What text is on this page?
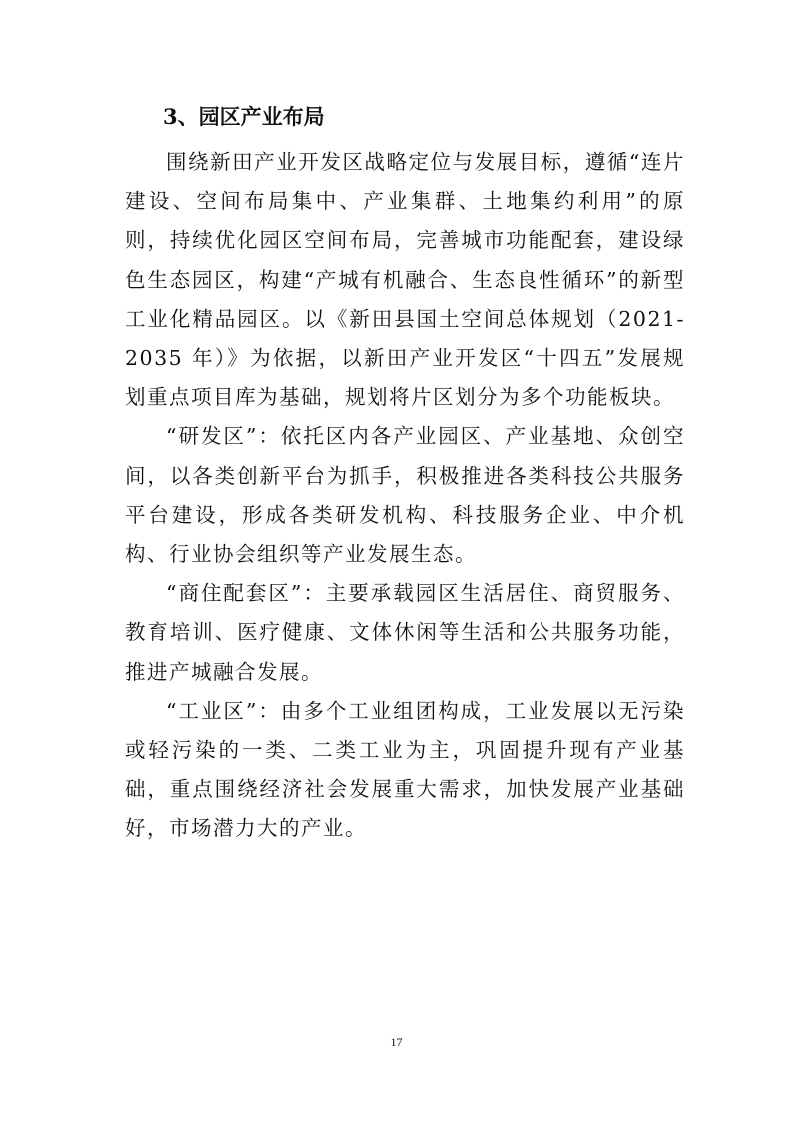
3、园区产业布局

围绕新田产业开发区战略定位与发展目标，遵循“连片建设、空间布局集中、产业集群、土地集约利用”的原则，持续优化园区空间布局，完善城市功能配套，建设绿色生态园区，构建“产城有机融合、生态良性循环”的新型工业化精品园区。以《新田县国土空间总体规划（2021-2035 年）》为依据，以新田产业开发区“十四五”发展规划重点项目库为基础，规划将片区划分为多个功能板块。

“研发区”：依托区内各产业园区、产业基地、众创空间，以各类创新平台为抓手，积极推进各类科技公共服务平台建设，形成各类研发机构、科技服务企业、中介机构、行业协会组织等产业发展生态。

“商住配套区”：主要承载园区生活居住、商贸服务、教育培训、医疗健康、文体休闲等生活和公共服务功能，推进产城融合发展。

“工业区”：由多个工业组团构成，工业发展以无污染或轻污染的一类、二类工业为主，巩固提升现有产业基础，重点围绕经济社会发展重大需求，加快发展产业基础好，市场潜力大的产业。

17
